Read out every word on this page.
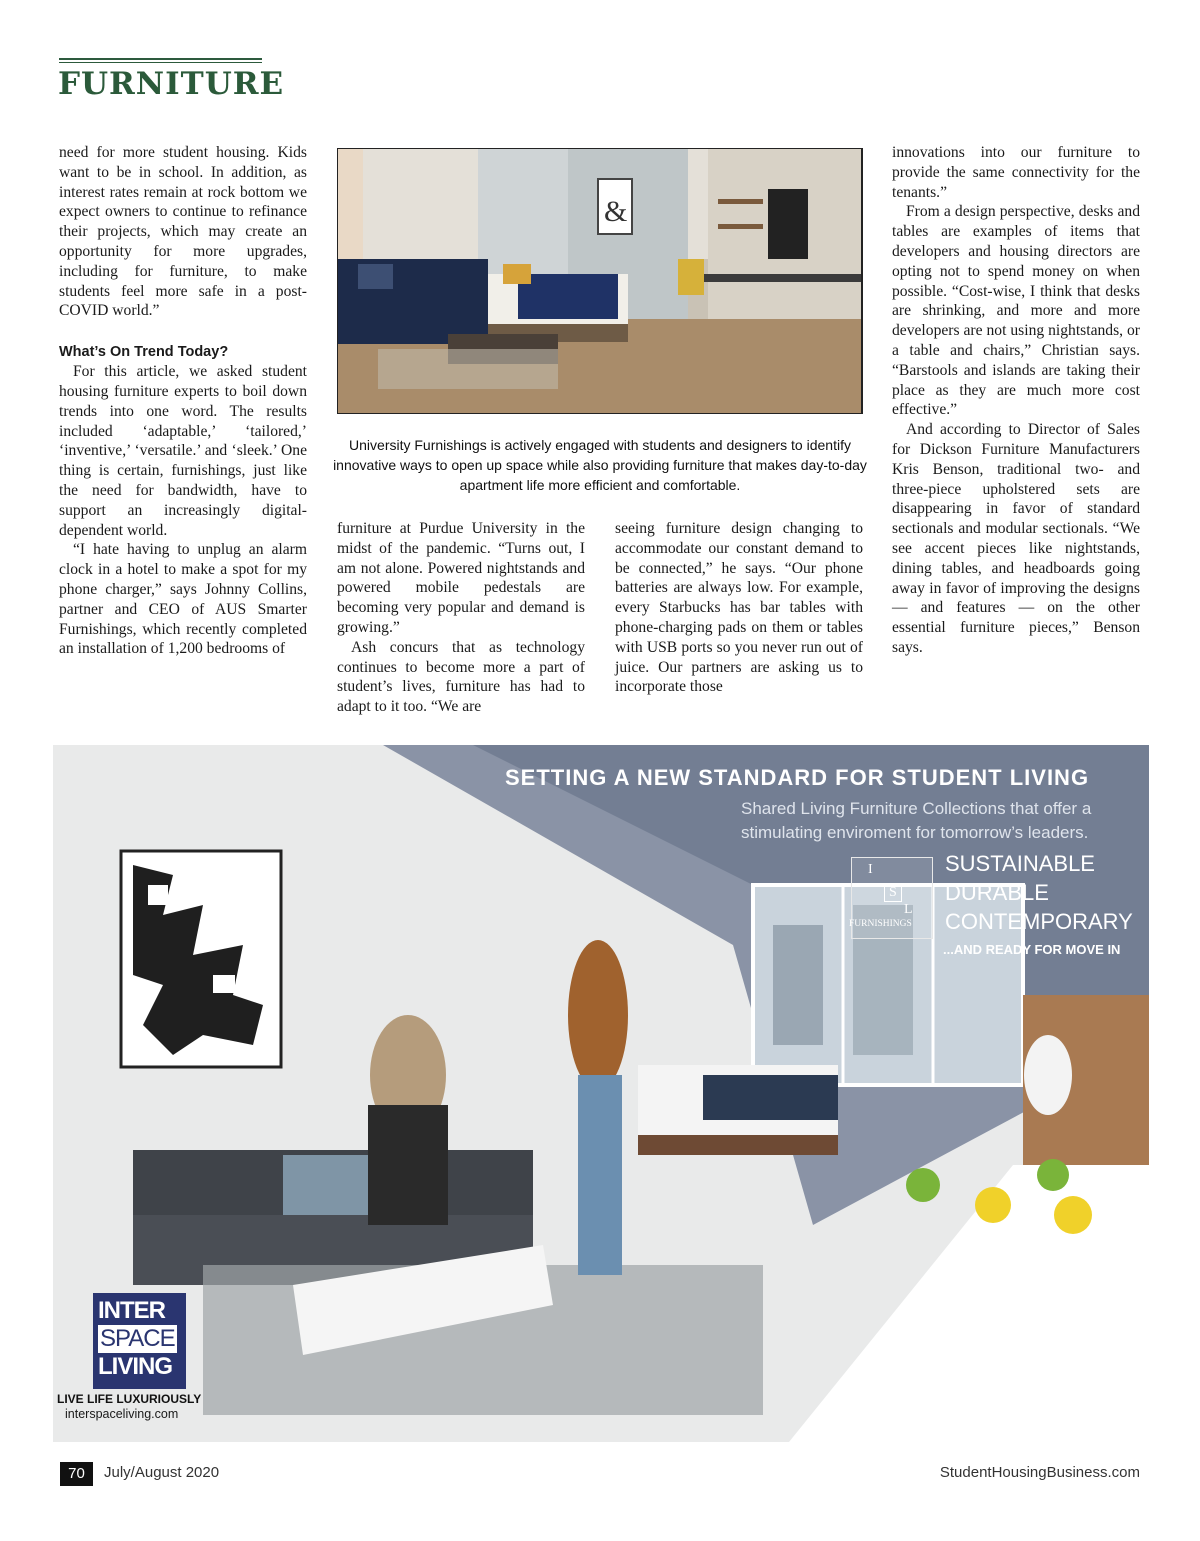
FURNITURE

need for more student housing. Kids want to be in school. In addition, as interest rates remain at rock bottom we expect owners to continue to refinance their projects, which may create an opportunity for more upgrades, including for furniture, to make students feel more safe in a post-COVID world.”

What’s On Trend Today?

For this article, we asked student housing furniture experts to boil down trends into one word. The results included ‘adaptable,’ ‘tailored,’ ‘inventive,’ ‘versatile.’ and ‘sleek.’ One thing is certain, furnishings, just like the need for bandwidth, have to support an increasingly digital-dependent world.

“I hate having to unplug an alarm clock in a hotel to make a spot for my phone charger,” says Johnny Collins, partner and CEO of AUS Smarter Furnishings, which recently completed an installation of 1,200 bedrooms of

&
University Furnishings is actively engaged with students and designers to identify innovative ways to open up space while also providing furniture that makes day-to-day apartment life more efficient and comfortable.

furniture at Purdue University in the midst of the pandemic. “Turns out, I am not alone. Powered nightstands and powered mobile pedestals are becoming very popular and demand is growing.”

Ash concurs that as technology continues to become more a part of student’s lives, furniture has had to adapt to it too. “We are

seeing furniture design changing to accommodate our constant demand to be connected,” he says. “Our phone batteries are always low. For example, every Starbucks has bar tables with phone-charging pads on them or tables with USB ports so you never run out of juice. Our partners are asking us to incorporate those

innovations into our furniture to provide the same connectivity for the tenants.”

From a design perspective, desks and tables are examples of items that developers and housing directors are opting not to spend money on when possible. “Cost-wise, I think that desks are shrinking, and more and more developers are not using nightstands, or a table and chairs,” Christian says. “Barstools and islands are taking their place as they are much more cost effective.”

And according to Director of Sales for Dickson Furniture Manufacturers Kris Benson, traditional two- and three-piece upholstered sets are disappearing in favor of standard sectionals and modular sectionals. “We see accent pieces like nightstands, dining tables, and headboards going away in favor of improving the designs — and features — on the other essential furniture pieces,” Benson says.

SETTING A NEW STANDARD FOR STUDENT LIVING
Shared Living Furniture Collections that offer a stimulating enviroment for tomorrow’s leaders.
I
S
L
FURNISHINGS
SUSTAINABLE
DURABLE
CONTEMPORARY
...AND READY FOR MOVE IN
INTER
SPACE
LIVING
LIVE LIFE LUXURIOUSLY
interspaceliving.com
70	July/August 2020	StudentHousingBusiness.com
